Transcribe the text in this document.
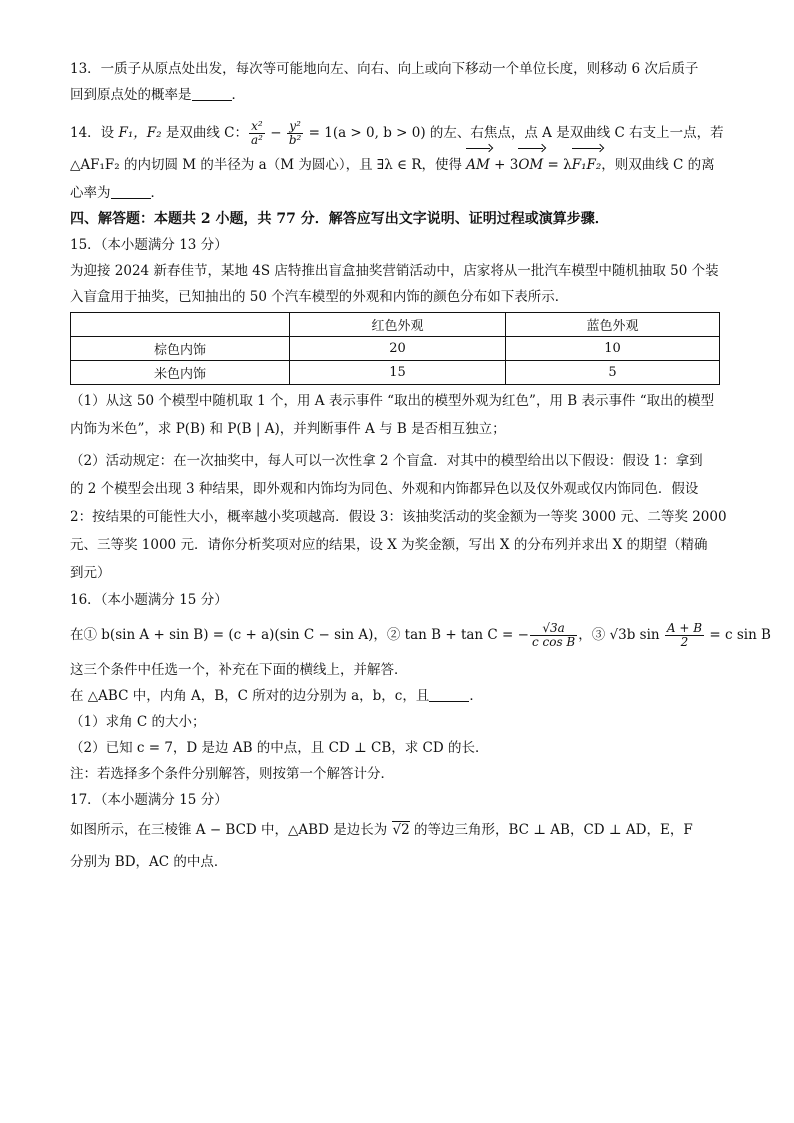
13．一质子从原点处出发，每次等可能地向左、向右、向上或向下移动一个单位长度，则移动 6 次后质子

回到原点处的概率是	．

14．设 F₁，F₂ 是双曲线 C： $\frac{\text{x²}}{\text{a²}} - \frac{\text{y²}}{\text{b²}} = 1(a > 0$, b > 0) 的左、右焦点，点 A 是双曲线 C 右支上一点，若

△AF₁F₂ 的内切圆 M 的半径为 a（M 为圆心），且 ∃λ ∈ R，使得 AM + 3OM = λF₁F₂，则双曲线 C 的离

心率为	．

四、解答题：本题共 2 小题，共 77 分．解答应写出文字说明、证明过程或演算步骤．

15．（本小题满分 13 分）

为迎接 2024 新春佳节，某地 4S 店特推出盲盒抽奖营销活动中，店家将从一批汽车模型中随机抽取 50 个装

入盲盒用于抽奖，已知抽出的 50 个汽车模型的外观和内饰的颜色分布如下表所示．

	红色外观	蓝色外观
棕色内饰	20	10
米色内饰	15	5

（1）从这 50 个模型中随机取 1 个，用 A 表示事件 “取出的模型外观为红色”，用 B 表示事件 “取出的模型

内饰为米色”，求 P(B) 和 P(B | A)，并判断事件 A 与 B 是否相互独立；

（2）活动规定：在一次抽奖中，每人可以一次性拿 2 个盲盒．对其中的模型给出以下假设：假设 1：拿到

的 2 个模型会出现 3 种结果，即外观和内饰均为同色、外观和内饰都异色以及仅外观或仅内饰同色．假设

2：按结果的可能性大小，概率越小奖项越高．假设 3：该抽奖活动的奖金额为一等奖 3000 元、二等奖 2000

元、三等奖 1000 元．请你分析奖项对应的结果，设 X 为奖金额，写出 X 的分布列并求出 X 的期望（精确

到元）

16．（本小题满分 15 分）

在① b(sin A + sin B) = (c + a)(sin C − sin A)，② tan B + tan C = − $\frac{√3a}{\text{c cos B}}$ ，③ √3b $\sin \frac{A + B}{2} = c$ sin B

这三个条件中任选一个，补充在下面的横线上，并解答．

在 △ABC 中，内角 A，B，C 所对的边分别为 a，b，c，且	．

（1）求角 C 的大小；

（2）已知 c = 7，D 是边 AB 的中点，且 CD ⊥ CB，求 CD 的长．

注：若选择多个条件分别解答，则按第一个解答计分．

17．（本小题满分 15 分）

如图所示，在三棱锥 A − BCD 中，△ABD 是边长为 √2 的等边三角形，BC ⊥ AB，CD ⊥ AD，E，F

分别为 BD，AC 的中点．
